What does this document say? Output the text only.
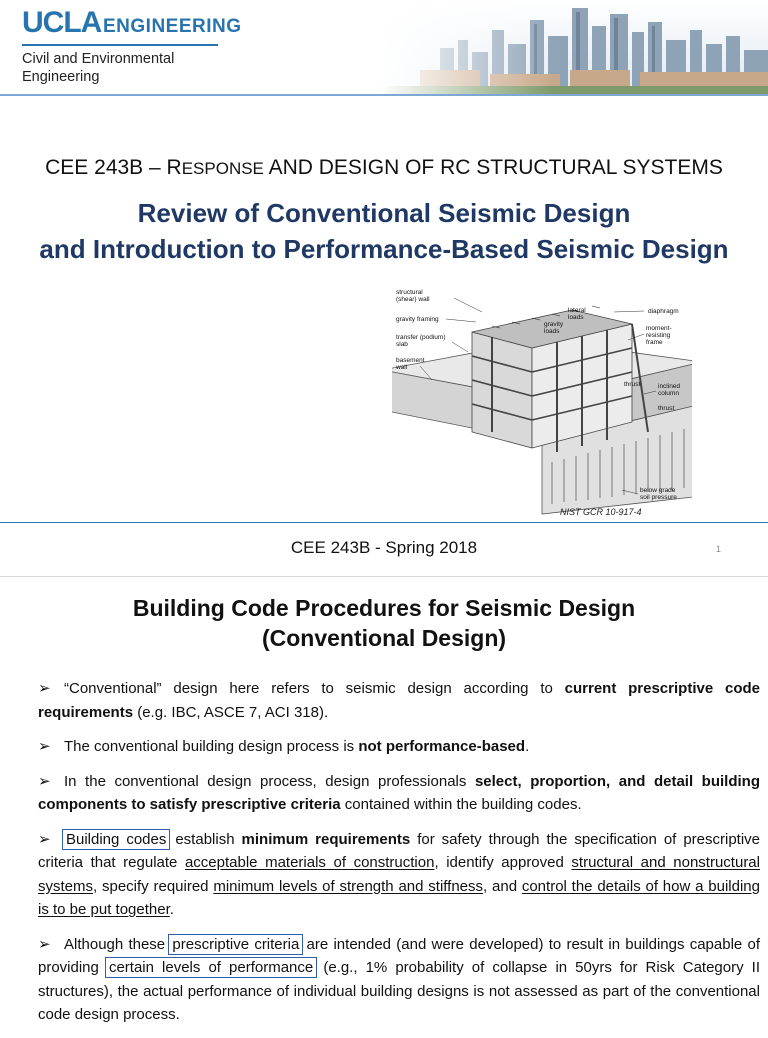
UCLA ENGINEERING
Civil and Environmental
Engineering
CEE 243B – RESPONSE AND DESIGN OF RC STRUCTURAL SYSTEMS
Review of Conventional Seismic Design
and Introduction to Performance-Based Seismic Design
structural
(shear) wall
gravity framing
transfer (podium)
slab
basement
wall
lateral
loads
gravity
loads
diaphragm
moment-
resisting
frame
thrust
thrust
inclined
column
below grade
soil pressure
NIST GCR 10-917-4
CEE 243B - Spring 2018	1
Building Code Procedures for Seismic Design
(Conventional Design)

➢ “Conventional” design here refers to seismic design according to current prescriptive code requirements (e.g. IBC, ASCE 7, ACI 318).

➢ The conventional building design process is not performance-based.

➢ In the conventional design process, design professionals select, proportion, and detail building components to satisfy prescriptive criteria contained within the building codes.

➢ Building codes establish minimum requirements for safety through the specification of prescriptive criteria that regulate acceptable materials of construction, identify approved structural and nonstructural systems, specify required minimum levels of strength and stiffness, and control the details of how a building is to be put together.

➢ Although these prescriptive criteria are intended (and were developed) to result in buildings capable of providing certain levels of performance (e.g., 1% probability of collapse in 50yrs for Risk Category II structures), the actual performance of individual building designs is not assessed as part of the conventional code design process.
